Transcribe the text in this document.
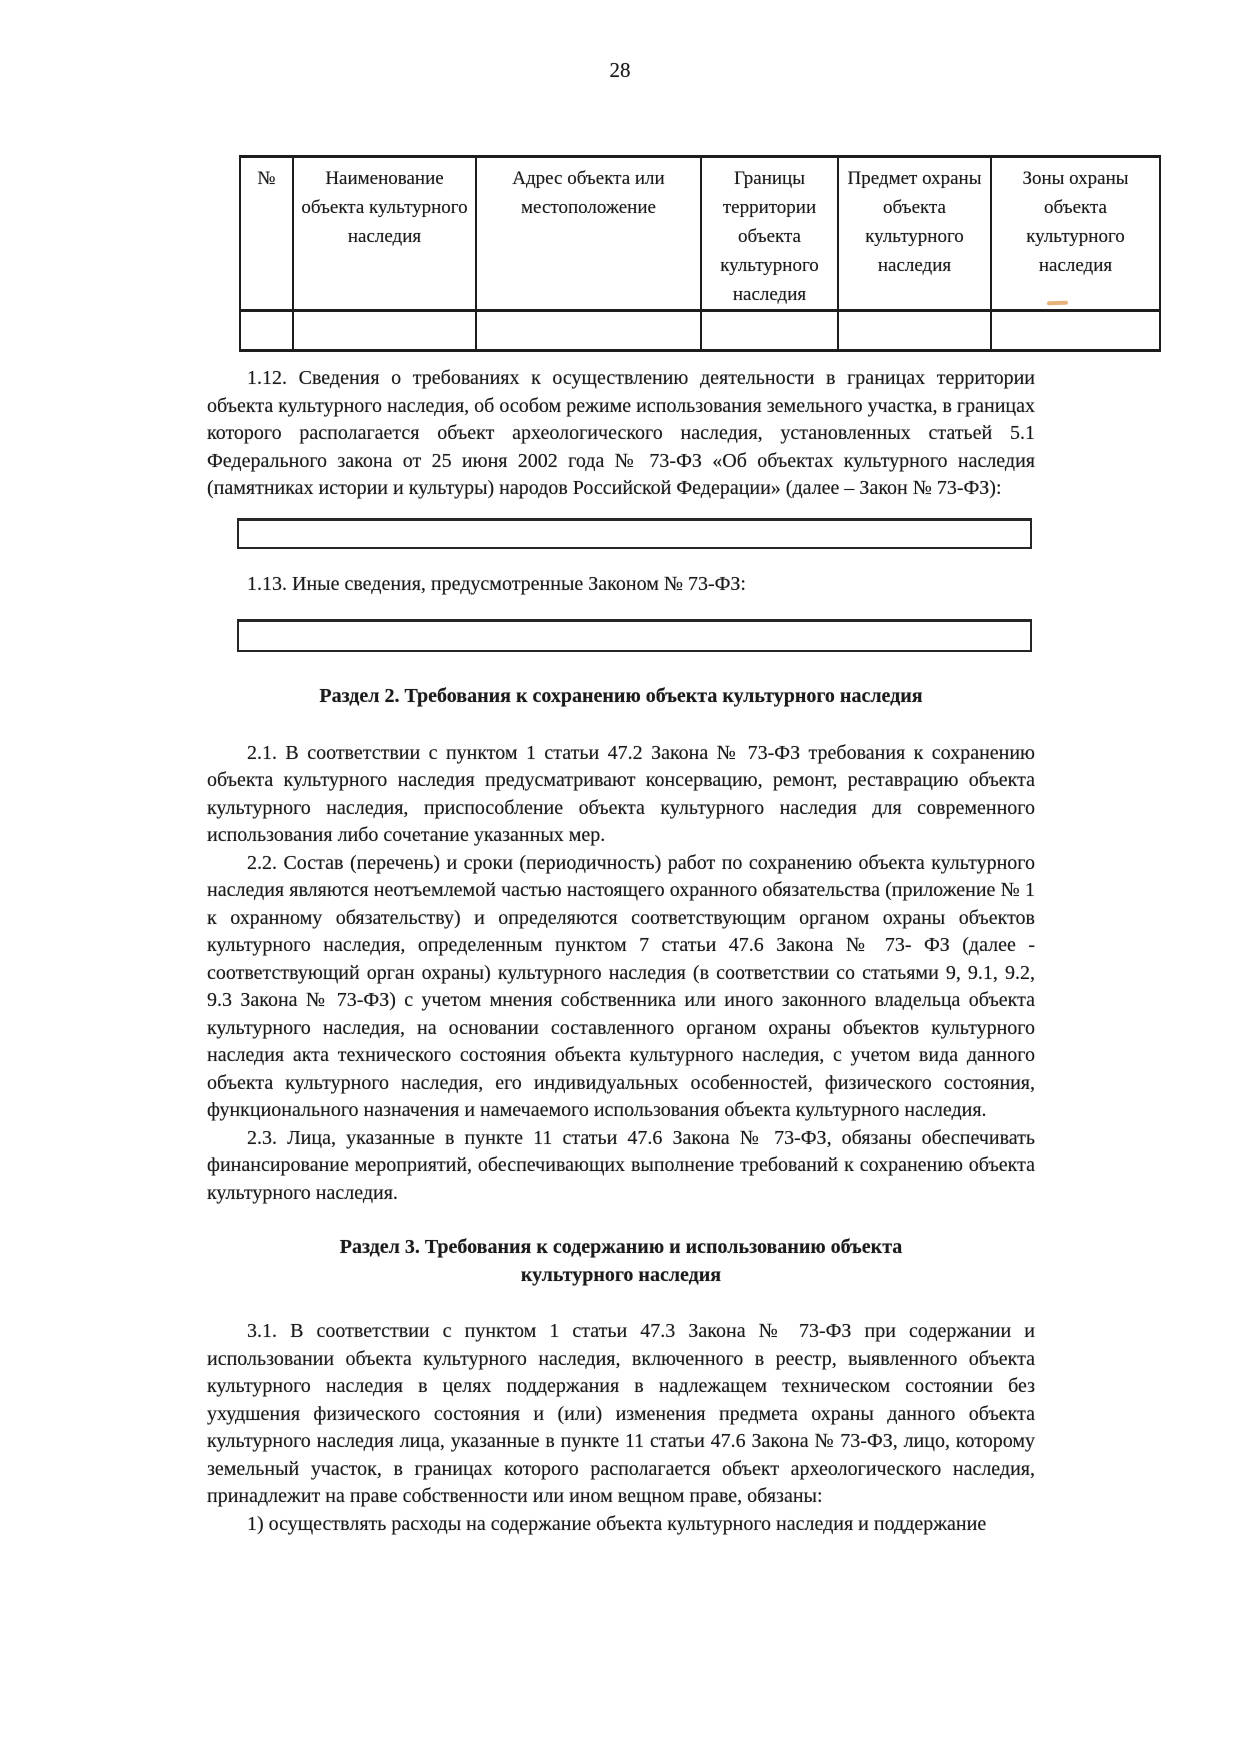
28
№	Наименование объекта культурного наследия	Адрес объекта или местоположение	Границы территории объекта культурного наследия	Предмет охраны объекта культурного наследия	Зоны охраны объекта культурного наследия

1.12. Сведения о требованиях к осуществлению деятельности в границах территории объекта культурного наследия, об особом режиме использования земельного участка, в границах которого располагается объект археологического наследия, установленных статьей 5.1 Федерального закона от 25 июня 2002 года № 73-ФЗ «Об объектах культурного наследия (памятниках истории и культуры) народов Российской Федерации» (далее – Закон № 73-ФЗ):

1.13. Иные сведения, предусмотренные Законом № 73-ФЗ:

Раздел 2. Требования к сохранению объекта культурного наследия

2.1. В соответствии с пунктом 1 статьи 47.2 Закона № 73-ФЗ требования к сохранению объекта культурного наследия предусматривают консервацию, ремонт, реставрацию объекта культурного наследия, приспособление объекта культурного наследия для современного использования либо сочетание указанных мер.

2.2. Состав (перечень) и сроки (периодичность) работ по сохранению объекта культурного наследия являются неотъемлемой частью настоящего охранного обязательства (приложение № 1 к охранному обязательству) и определяются соответствующим органом охраны объектов культурного наследия, определенным пунктом 7 статьи 47.6 Закона № 73- ФЗ (далее - соответствующий орган охраны) культурного наследия (в соответствии со статьями 9, 9.1, 9.2, 9.3 Закона № 73-ФЗ) с учетом мнения собственника или иного законного владельца объекта культурного наследия, на основании составленного органом охраны объектов культурного наследия акта технического состояния объекта культурного наследия, с учетом вида данного объекта культурного наследия, его индивидуальных особенностей, физического состояния, функционального назначения и намечаемого использования объекта культурного наследия.

2.3. Лица, указанные в пункте 11 статьи 47.6 Закона № 73-ФЗ, обязаны обеспечивать финансирование мероприятий, обеспечивающих выполнение требований к сохранению объекта культурного наследия.

Раздел 3. Требования к содержанию и использованию объекта культурного наследия

3.1. В соответствии с пунктом 1 статьи 47.3 Закона № 73-ФЗ при содержании и использовании объекта культурного наследия, включенного в реестр, выявленного объекта культурного наследия в целях поддержания в надлежащем техническом состоянии без ухудшения физического состояния и (или) изменения предмета охраны данного объекта культурного наследия лица, указанные в пункте 11 статьи 47.6 Закона № 73-ФЗ, лицо, которому земельный участок, в границах которого располагается объект археологического наследия, принадлежит на праве собственности или ином вещном праве, обязаны:

1) осуществлять расходы на содержание объекта культурного наследия и поддержание
